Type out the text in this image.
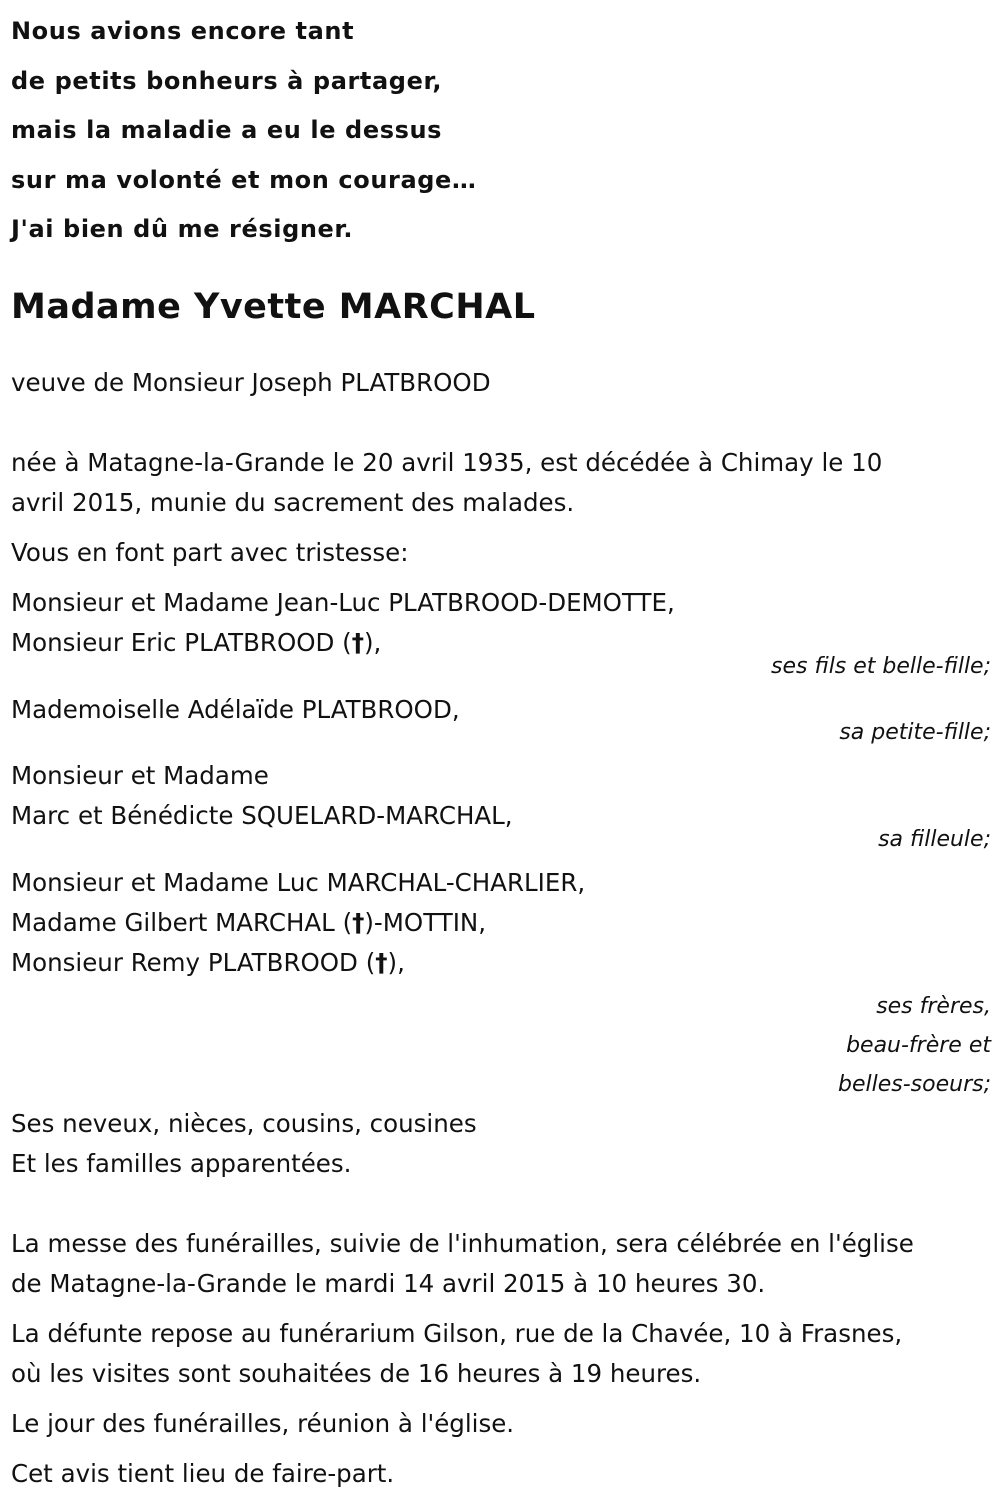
Nous avions encore tant
de petits bonheurs à partager,
mais la maladie a eu le dessus
sur ma volonté et mon courage…
J'ai bien dû me résigner.
Madame Yvette MARCHAL
veuve de Monsieur Joseph PLATBROOD
née à Matagne-la-Grande le 20 avril 1935, est décédée à Chimay le 10
avril 2015, munie du sacrement des malades.
Vous en font part avec tristesse:
Monsieur et Madame Jean-Luc PLATBROOD-DEMOTTE,
Monsieur Eric PLATBROOD (†),
ses fils et belle-fille;
Mademoiselle Adélaïde PLATBROOD,
sa petite-fille;
Monsieur et Madame
Marc et Bénédicte SQUELARD-MARCHAL,
sa filleule;
Monsieur et Madame Luc MARCHAL-CHARLIER,
Madame Gilbert MARCHAL (†)-MOTTIN,
Monsieur Remy PLATBROOD (†),
ses frères,
beau-frère et
belles-soeurs;
Ses neveux, nièces, cousins, cousines
Et les familles apparentées.
La messe des funérailles, suivie de l'inhumation, sera célébrée en l'église
de Matagne-la-Grande le mardi 14 avril 2015 à 10 heures 30.
La défunte repose au funérarium Gilson, rue de la Chavée, 10 à Frasnes,
où les visites sont souhaitées de 16 heures à 19 heures.
Le jour des funérailles, réunion à l'église.
Cet avis tient lieu de faire-part.
